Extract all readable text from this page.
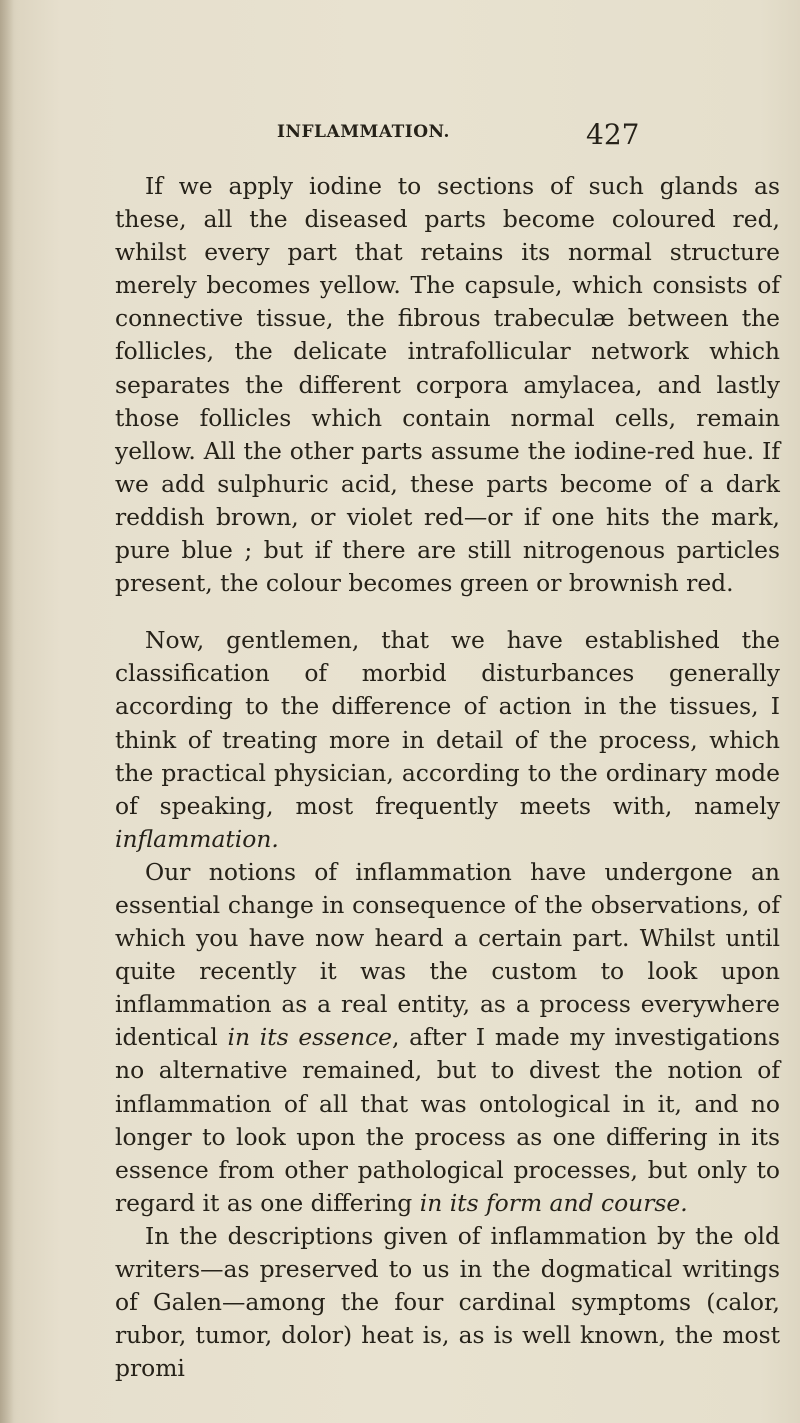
INFLAMMATION.	427

If we apply iodine to sections of such glands as these, all the diseased parts become coloured red, whilst every part that retains its normal structure merely becomes yellow. The capsule, which consists of connective tissue, the fibrous trabeculæ between the follicles, the delicate intrafollicular network which separates the different corpora amylacea, and lastly those follicles which contain normal cells, remain yellow. All the other parts assume the iodine-red hue. If we add sulphuric acid, these parts become of a dark reddish brown, or violet red—or if one hits the mark, pure blue ; but if there are still nitrogenous particles present, the colour becomes green or brownish red.

Now, gentlemen, that we have established the classification of morbid disturbances generally according to the difference of action in the tissues, I think of treating more in detail of the process, which the practical physician, according to the ordinary mode of speaking, most frequently meets with, namely inflammation.

Our notions of inflammation have undergone an essential change in consequence of the observations, of which you have now heard a certain part. Whilst until quite recently it was the custom to look upon inflammation as a real entity, as a process everywhere identical in its essence, after I made my investigations no alternative remained, but to divest the notion of inflammation of all that was ontological in it, and no longer to look upon the process as one differing in its essence from other pathological processes, but only to regard it as one differing in its form and course.

In the descriptions given of inflammation by the old writers—as preserved to us in the dogmatical writings of Galen—among the four cardinal symptoms (calor, rubor, tumor, dolor) heat is, as is well known, the most promi
